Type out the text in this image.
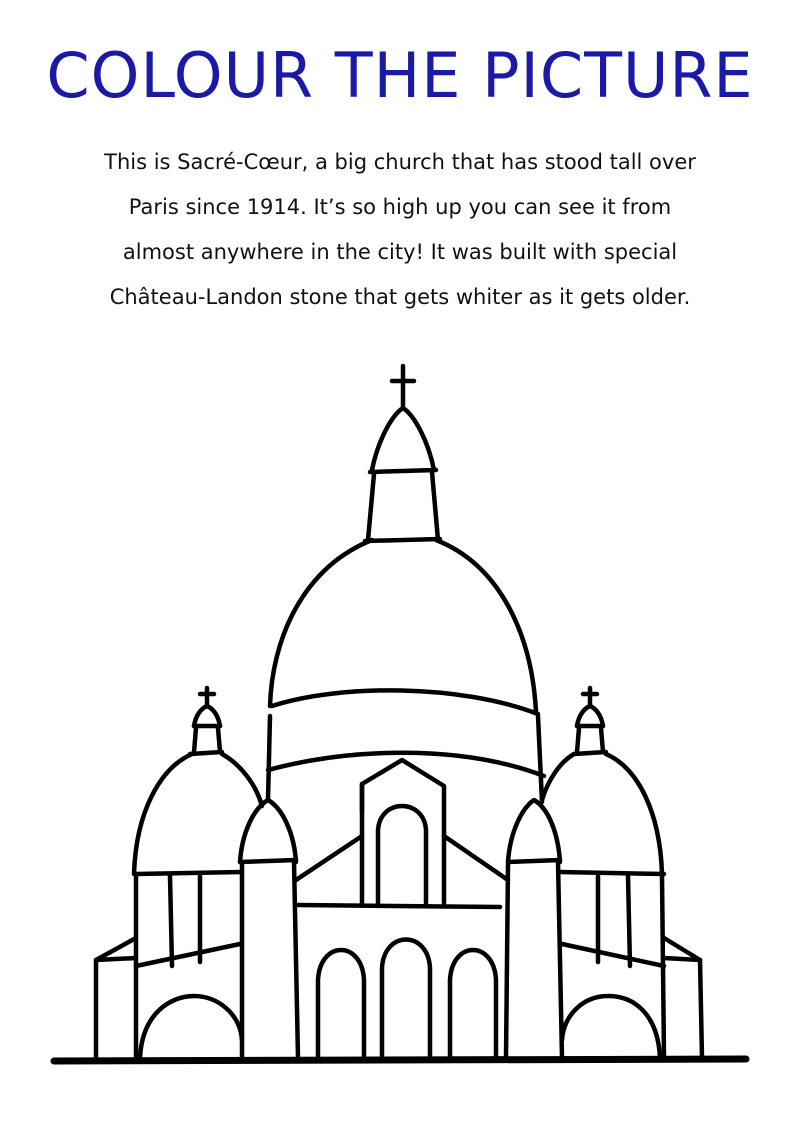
COLOUR THE PICTURE
This is Sacré-Cœur, a big church that has stood tall over
Paris since 1914. It’s so high up you can see it from
almost anywhere in the city! It was built with special
Château-Landon stone that gets whiter as it gets older.
